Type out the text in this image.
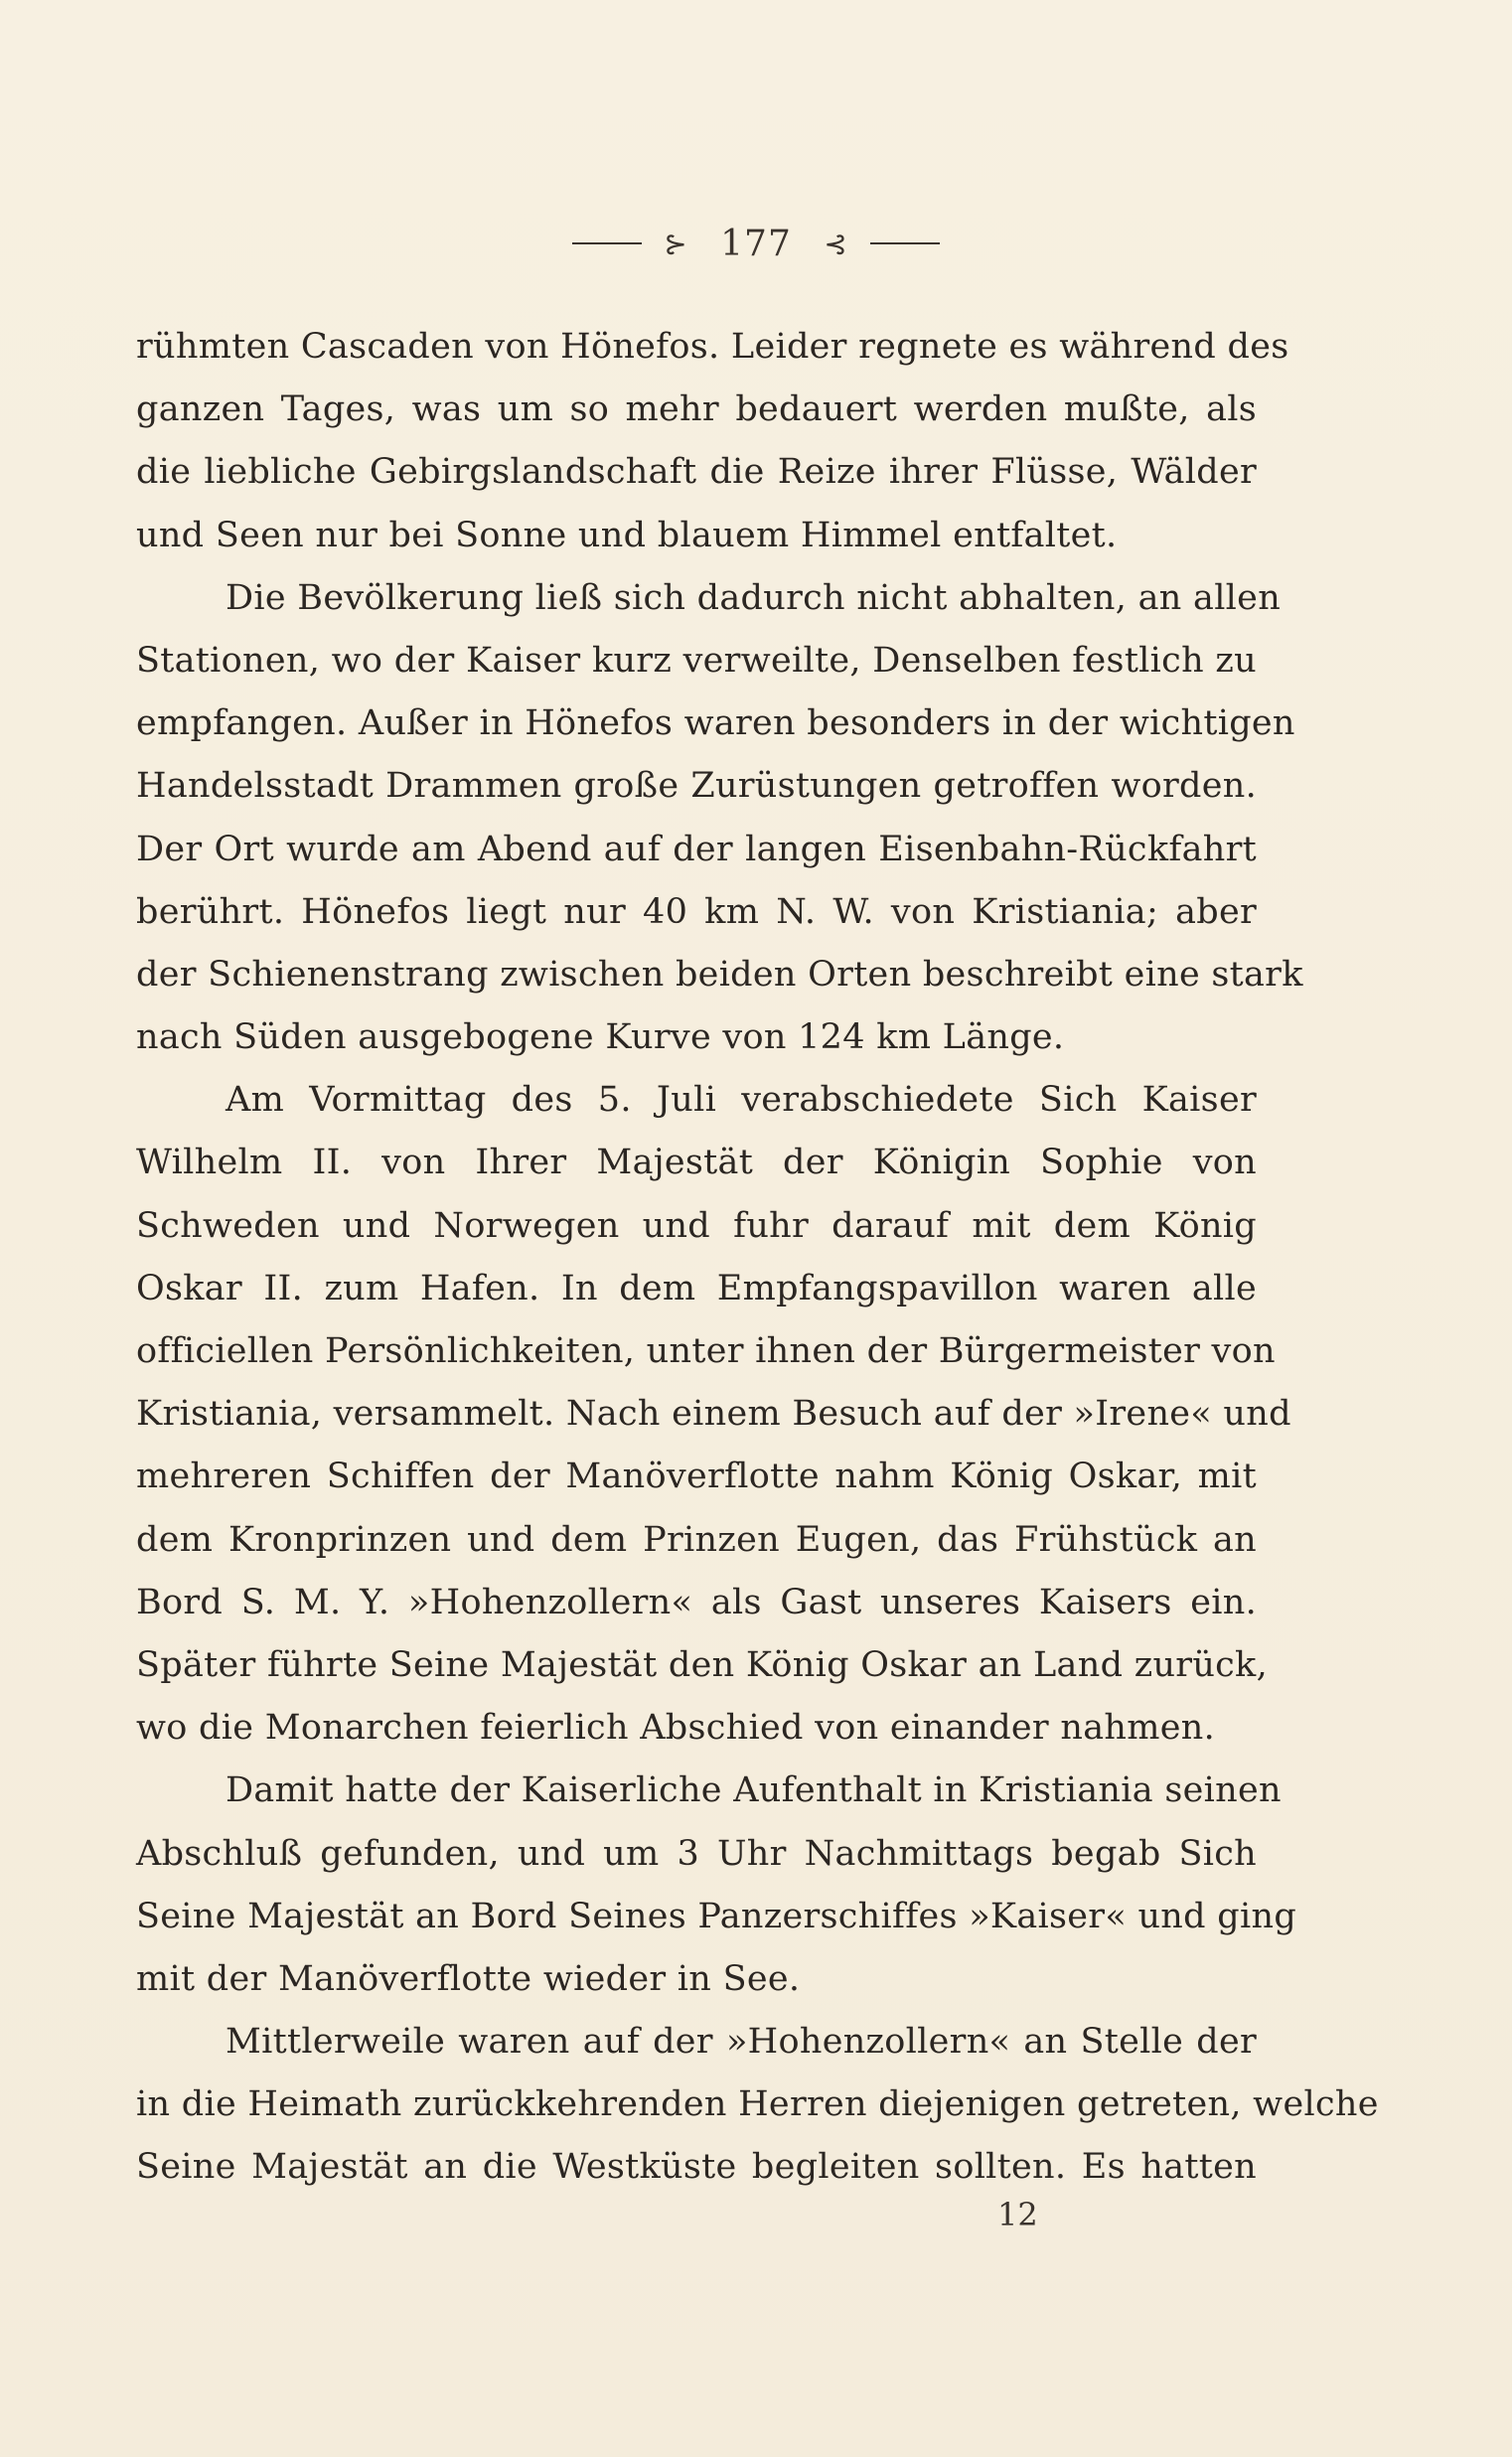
⊱ 177 ⊰
rühmten Cascaden von Hönefos. Leider regnete es während des
ganzen Tages, was um so mehr bedauert werden mußte, als
die liebliche Gebirgslandschaft die Reize ihrer Flüsse, Wälder
und Seen nur bei Sonne und blauem Himmel entfaltet.
Die Bevölkerung ließ sich dadurch nicht abhalten, an allen
Stationen, wo der Kaiser kurz verweilte, Denselben festlich zu
empfangen. Außer in Hönefos waren besonders in der wichtigen
Handelsstadt Drammen große Zurüstungen getroffen worden.
Der Ort wurde am Abend auf der langen Eisenbahn-Rückfahrt
berührt. Hönefos liegt nur 40 km N. W. von Kristiania; aber
der Schienenstrang zwischen beiden Orten beschreibt eine stark
nach Süden ausgebogene Kurve von 124 km Länge.
Am Vormittag des 5. Juli verabschiedete Sich Kaiser
Wilhelm II. von Ihrer Majestät der Königin Sophie von
Schweden und Norwegen und fuhr darauf mit dem König
Oskar II. zum Hafen. In dem Empfangspavillon waren alle
officiellen Persönlichkeiten, unter ihnen der Bürgermeister von
Kristiania, versammelt. Nach einem Besuch auf der »Irene« und
mehreren Schiffen der Manöverflotte nahm König Oskar, mit
dem Kronprinzen und dem Prinzen Eugen, das Frühstück an
Bord S. M. Y. »Hohenzollern« als Gast unseres Kaisers ein.
Später führte Seine Majestät den König Oskar an Land zurück,
wo die Monarchen feierlich Abschied von einander nahmen.
Damit hatte der Kaiserliche Aufenthalt in Kristiania seinen
Abschluß gefunden, und um 3 Uhr Nachmittags begab Sich
Seine Majestät an Bord Seines Panzerschiffes »Kaiser« und ging
mit der Manöverflotte wieder in See.
Mittlerweile waren auf der »Hohenzollern« an Stelle der
in die Heimath zurückkehrenden Herren diejenigen getreten, welche
Seine Majestät an die Westküste begleiten sollten. Es hatten
12
